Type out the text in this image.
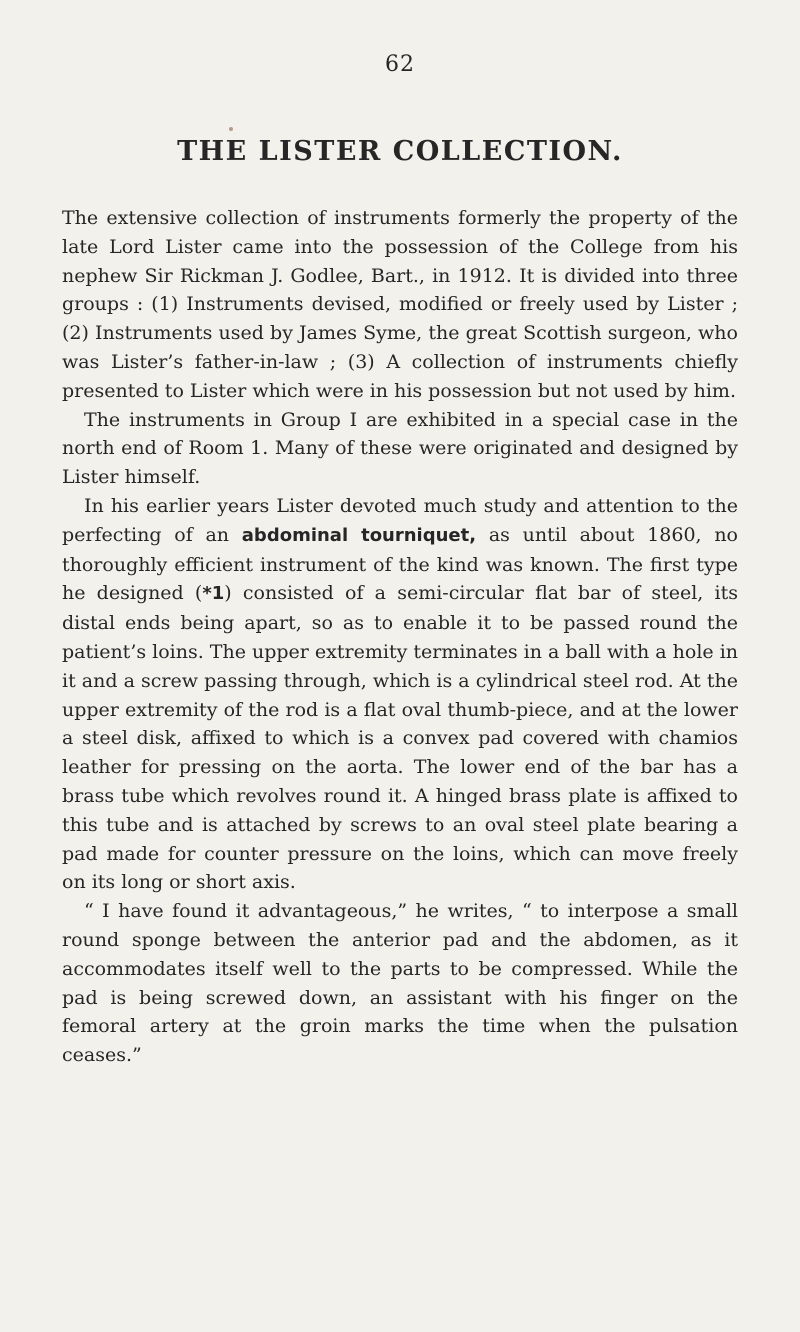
62
THE LISTER COLLECTION.

The extensive collection of instruments formerly the property of the late Lord Lister came into the possession of the College from his nephew Sir Rickman J. Godlee, Bart., in 1912. It is divided into three groups : (1) Instruments devised, modified or freely used by Lister ; (2) Instruments used by James Syme, the great Scottish surgeon, who was Lister’s father-in-law ; (3) A collection of instruments chiefly presented to Lister which were in his possession but not used by him.

The instruments in Group I are exhibited in a special case in the north end of Room 1. Many of these were originated and designed by Lister himself.

In his earlier years Lister devoted much study and attention to the perfecting of an abdominal tourniquet, as until about 1860, no thoroughly efficient instrument of the kind was known. The first type he designed (*1) consisted of a semi-circular flat bar of steel, its distal ends being apart, so as to enable it to be passed round the patient’s loins. The upper extremity terminates in a ball with a hole in it and a screw passing through, which is a cylindrical steel rod. At the upper extremity of the rod is a flat oval thumb-piece, and at the lower a steel disk, affixed to which is a convex pad covered with chamios leather for pressing on the aorta. The lower end of the bar has a brass tube which revolves round it. A hinged brass plate is affixed to this tube and is attached by screws to an oval steel plate bearing a pad made for counter pressure on the loins, which can move freely on its long or short axis.

“ I have found it advantageous,” he writes, “ to interpose a small round sponge between the anterior pad and the abdomen, as it accommodates itself well to the parts to be compressed. While the pad is being screwed down, an assistant with his finger on the femoral artery at the groin marks the time when the pulsation ceases.”
